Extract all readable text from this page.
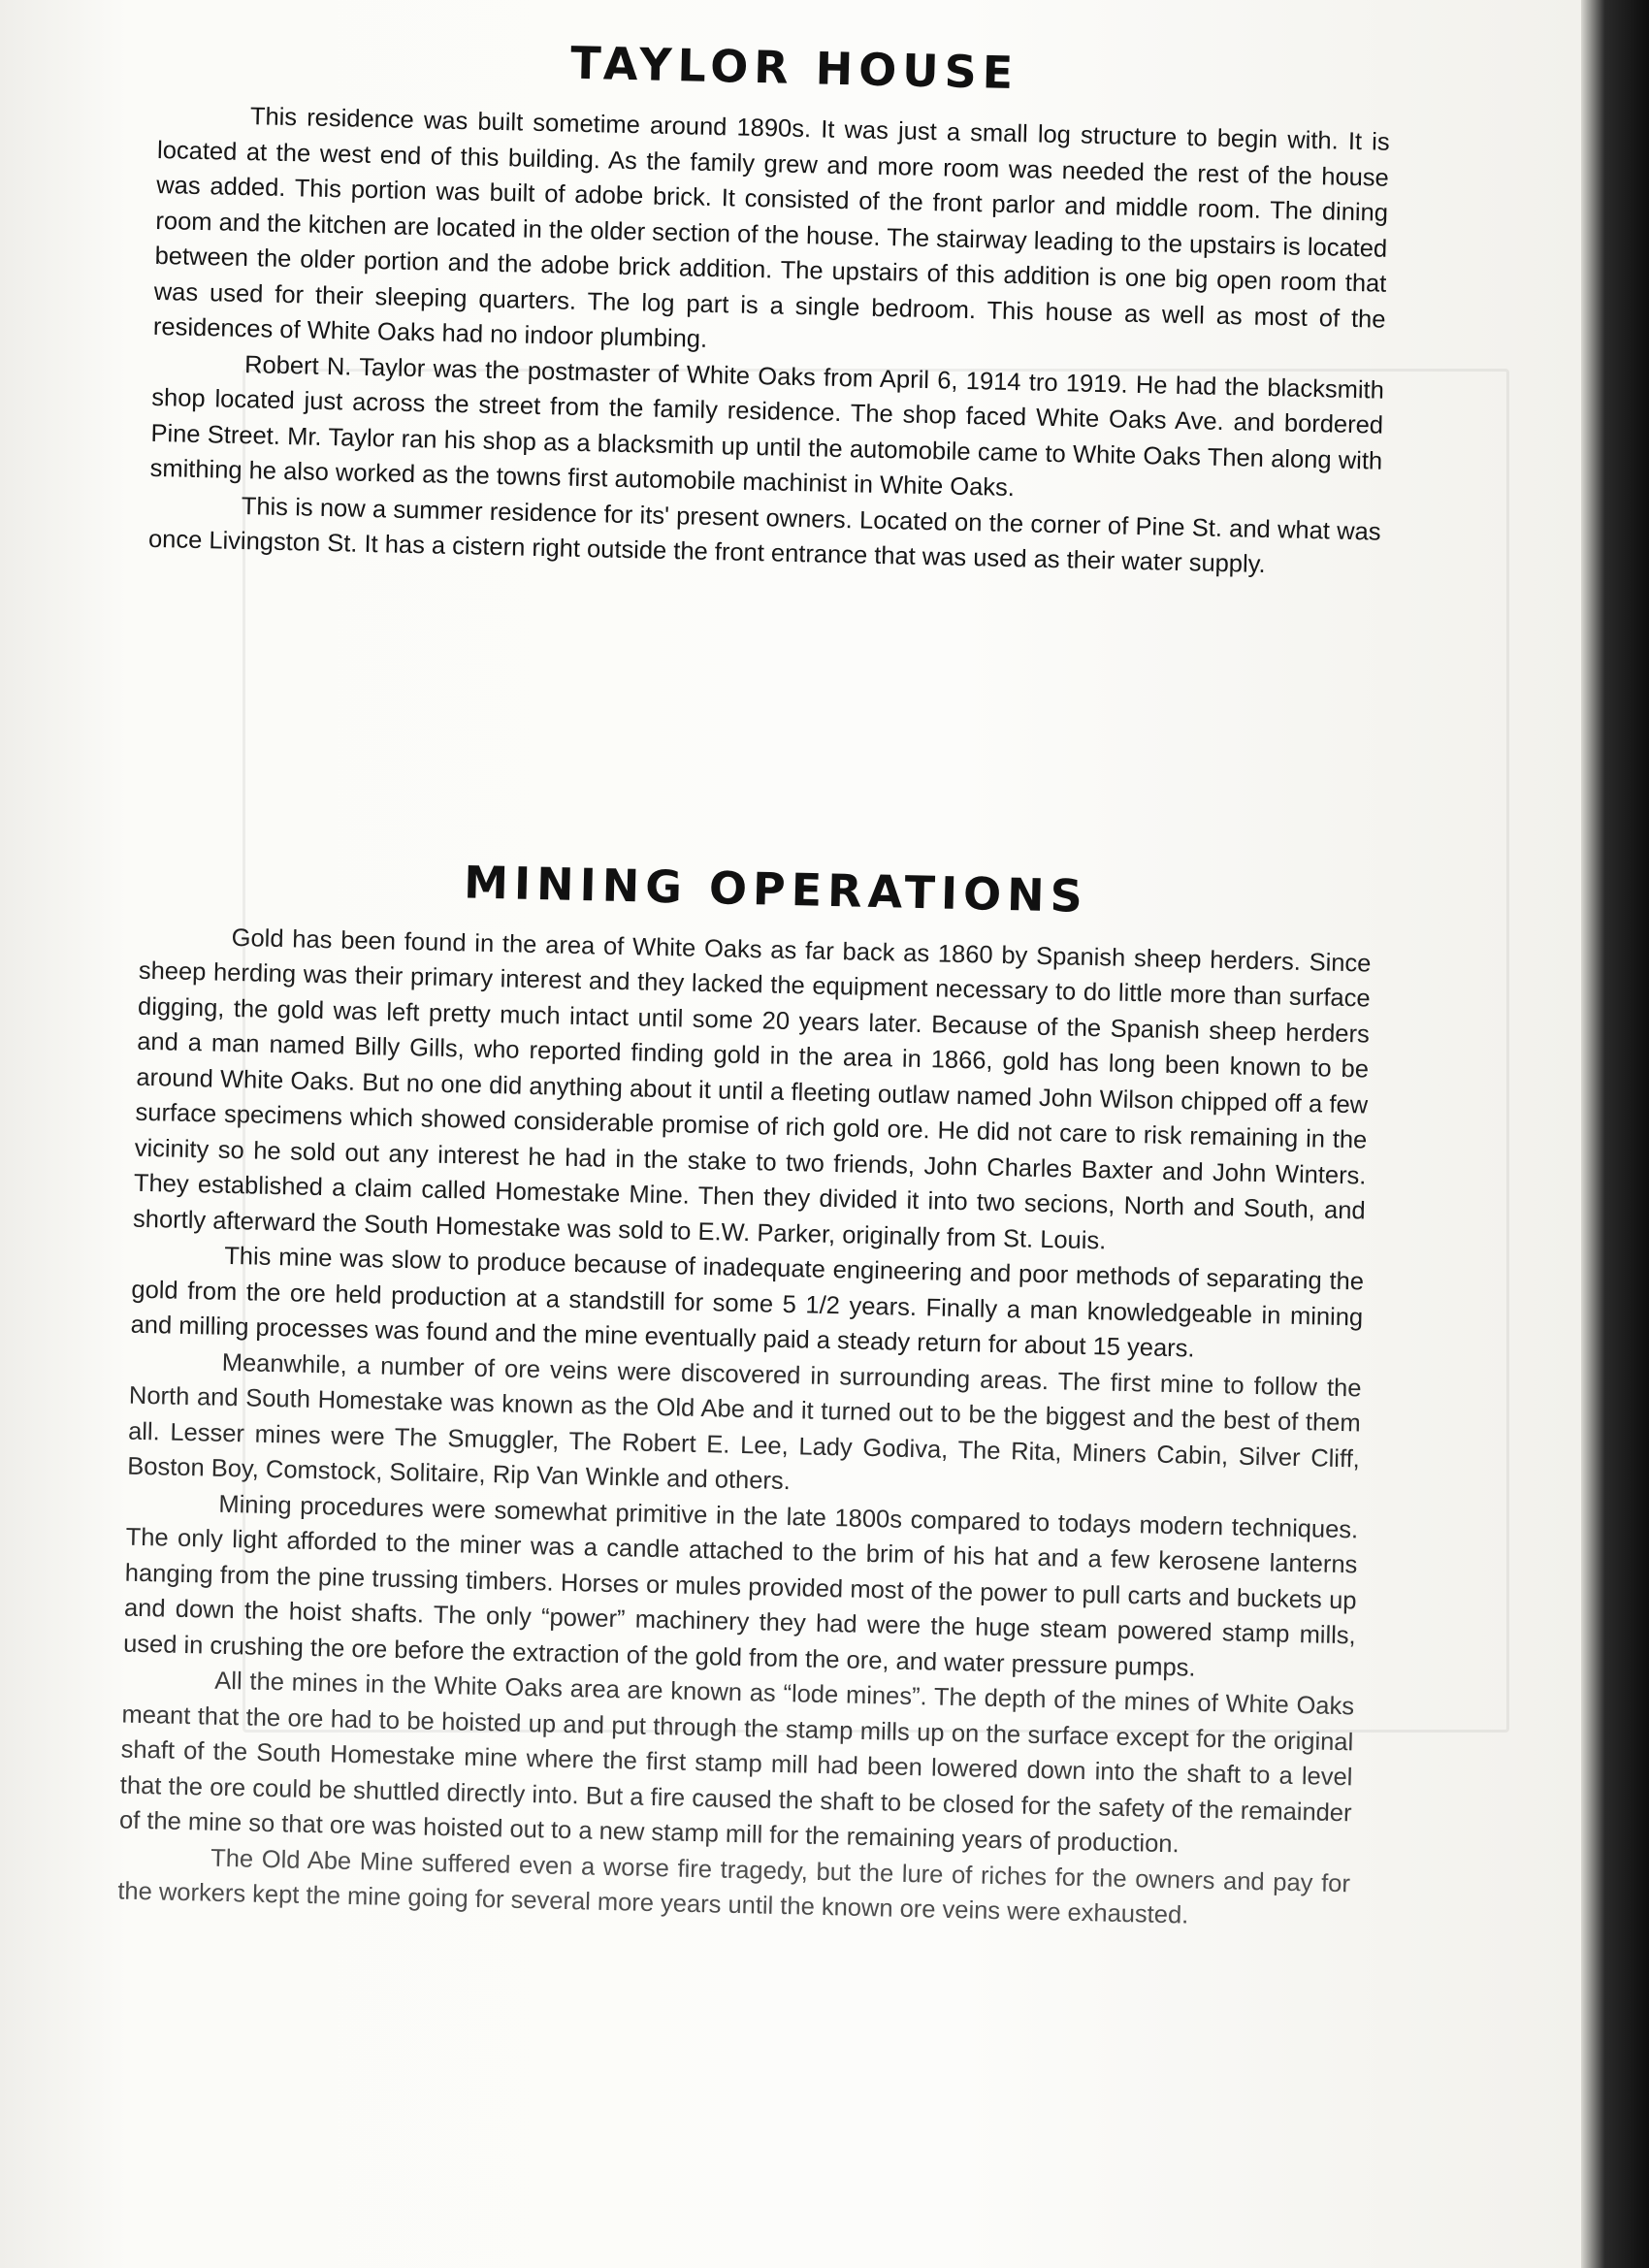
TAYLOR HOUSE

This residence was built sometime around 1890s. It was just a small log structure to begin with. It is located at the west end of this building. As the family grew and more room was needed the rest of the house was added. This portion was built of adobe brick. It consisted of the front parlor and middle room. The dining room and the kitchen are located in the older section of the house. The stairway leading to the upstairs is located between the older portion and the adobe brick addition. The upstairs of this addition is one big open room that was used for their sleeping quarters. The log part is a single bedroom. This house as well as most of the residences of White Oaks had no indoor plumbing.

Robert N. Taylor was the postmaster of White Oaks from April 6, 1914 tro 1919. He had the blacksmith shop located just across the street from the family residence. The shop faced White Oaks Ave. and bordered Pine Street. Mr. Taylor ran his shop as a blacksmith up until the automobile came to White Oaks Then along with smithing he also worked as the towns first automobile machinist in White Oaks.

This is now a summer residence for its' present owners. Located on the corner of Pine St. and what was once Livingston St. It has a cistern right outside the front entrance that was used as their water supply.

MINING OPERATIONS

Gold has been found in the area of White Oaks as far back as 1860 by Spanish sheep herders. Since sheep herding was their primary interest and they lacked the equipment necessary to do little more than surface digging, the gold was left pretty much intact until some 20 years later. Because of the Spanish sheep herders and a man named Billy Gills, who reported finding gold in the area in 1866, gold has long been known to be around White Oaks. But no one did anything about it until a fleeting outlaw named John Wilson chipped off a few surface specimens which showed considerable promise of rich gold ore. He did not care to risk remaining in the vicinity so he sold out any interest he had in the stake to two friends, John Charles Baxter and John Winters. They established a claim called Homestake Mine. Then they divided it into two secions, North and South, and shortly afterward the South Homestake was sold to E.W. Parker, originally from St. Louis.

This mine was slow to produce because of inadequate engineering and poor methods of separating the gold from the ore held production at a standstill for some 5 1/2 years. Finally a man knowledgeable in mining and milling processes was found and the mine eventually paid a steady return for about 15 years.

Meanwhile, a number of ore veins were discovered in surrounding areas. The first mine to follow the North and South Homestake was known as the Old Abe and it turned out to be the biggest and the best of them all. Lesser mines were The Smuggler, The Robert E. Lee, Lady Godiva, The Rita, Miners Cabin, Silver Cliff, Boston Boy, Comstock, Solitaire, Rip Van Winkle and others.

Mining procedures were somewhat primitive in the late 1800s compared to todays modern techniques. The only light afforded to the miner was a candle attached to the brim of his hat and a few kerosene lanterns hanging from the pine trussing timbers. Horses or mules provided most of the power to pull carts and buckets up and down the hoist shafts. The only “power” machinery they had were the huge steam powered stamp mills, used in crushing the ore before the extraction of the gold from the ore, and water pressure pumps.

All the mines in the White Oaks area are known as “lode mines”. The depth of the mines of White Oaks meant that the ore had to be hoisted up and put through the stamp mills up on the surface except for the original shaft of the South Homestake mine where the first stamp mill had been lowered down into the shaft to a level that the ore could be shuttled directly into. But a fire caused the shaft to be closed for the safety of the remainder of the mine so that ore was hoisted out to a new stamp mill for the remaining years of production.

The Old Abe Mine suffered even a worse fire tragedy, but the lure of riches for the owners and pay for the workers kept the mine going for several more years until the known ore veins were exhausted.
